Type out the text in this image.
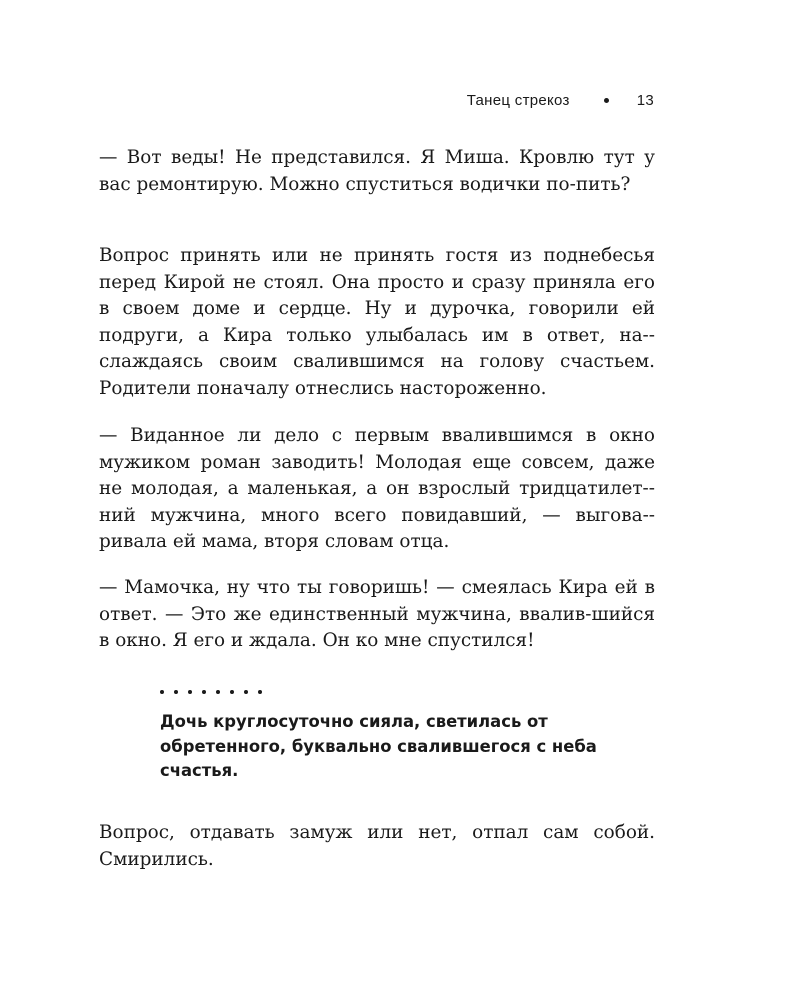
Танец стрекоз	13

— Вот веды! Не представился. Я Миша. Кровлю тут у вас ремонтирую. Можно спуститься водички по-пить?

Вопрос принять или не принять гостя из поднебесья перед Кирой не стоял. Она просто и сразу приняла его в своем доме и сердце. Ну и дурочка, говорили ей подруги, а Кира только улыбалась им в ответ, на-слаждаясь своим свалившимся на голову счастьем. Родители поначалу отнеслись настороженно.

— Виданное ли дело с первым ввалившимся в окно мужиком роман заводить! Молодая еще совсем, даже не молодая, а маленькая, а он взрослый тридцатилет-ний мужчина, много всего повидавший, — выгова-ривала ей мама, вторя словам отца.

— Мамочка, ну что ты говоришь! — смеялась Кира ей в ответ. — Это же единственный мужчина, ввалив-шийся в окно. Я его и ждала. Он ко мне спустился!

Дочь круглосуточно сияла, светилась от обретенного, буквально свалившегося с неба счастья.

Вопрос, отдавать замуж или нет, отпал сам собой. Смирились.
